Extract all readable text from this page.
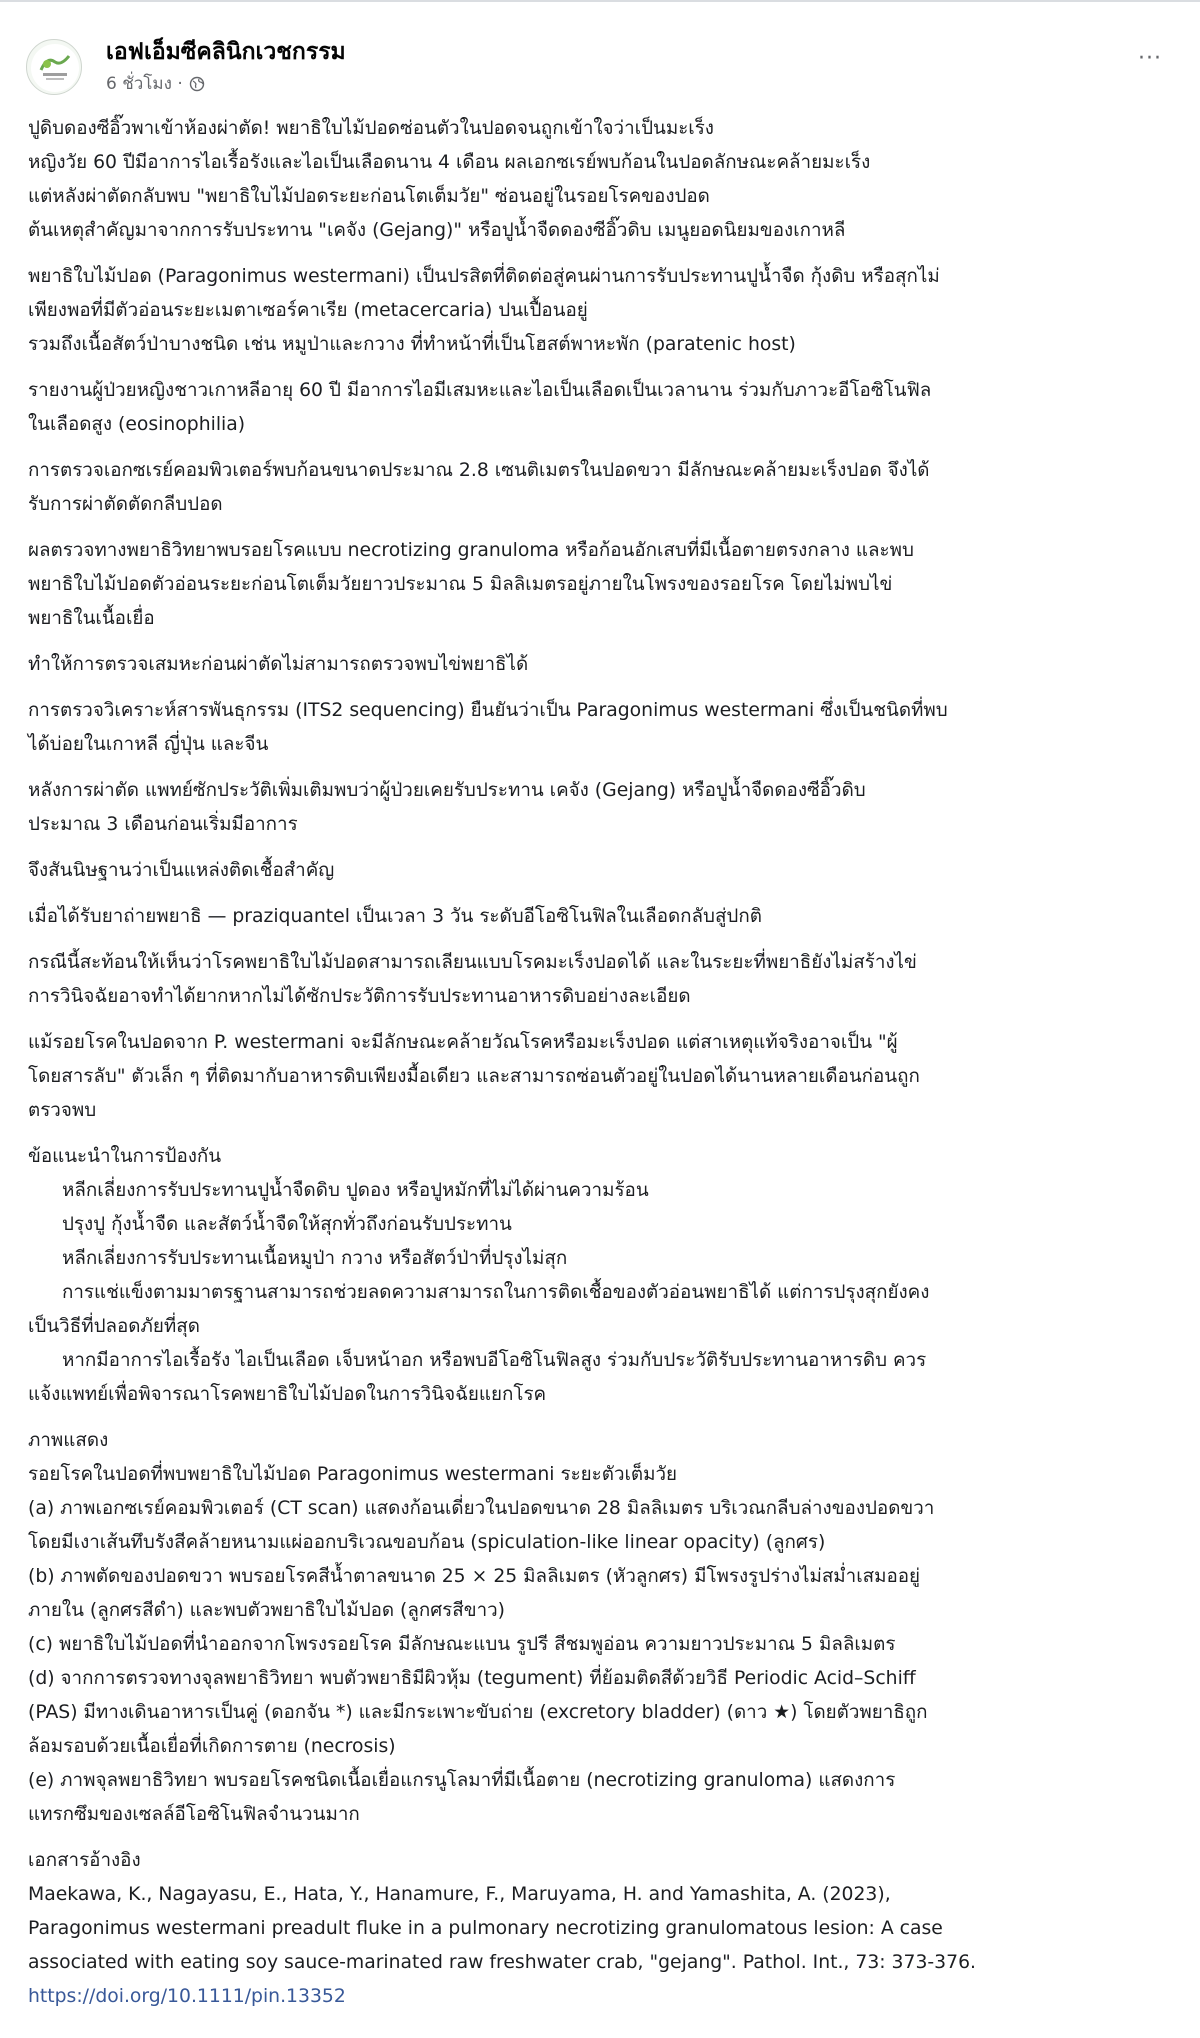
เอฟเอ็มซีคลินิกเวชกรรม
6 ชั่วโมง ·
···
ปูดิบดองซีอิ๊วพาเข้าห้องผ่าตัด! พยาธิใบไม้ปอดซ่อนตัวในปอดจนถูกเข้าใจว่าเป็นมะเร็ง
หญิงวัย 60 ปีมีอาการไอเรื้อรังและไอเป็นเลือดนาน 4 เดือน ผลเอกซเรย์พบก้อนในปอดลักษณะคล้ายมะเร็ง
แต่หลังผ่าตัดกลับพบ "พยาธิใบไม้ปอดระยะก่อนโตเต็มวัย" ซ่อนอยู่ในรอยโรคของปอด
ต้นเหตุสำคัญมาจากการรับประทาน "เคจัง (Gejang)" หรือปูน้ำจืดดองซีอิ๊วดิบ เมนูยอดนิยมของเกาหลี
พยาธิใบไม้ปอด (Paragonimus westermani) เป็นปรสิตที่ติดต่อสู่คนผ่านการรับประทานปูน้ำจืด กุ้งดิบ หรือสุกไม่
เพียงพอที่มีตัวอ่อนระยะเมตาเซอร์คาเรีย (metacercaria) ปนเปื้อนอยู่
รวมถึงเนื้อสัตว์ป่าบางชนิด เช่น หมูป่าและกวาง ที่ทำหน้าที่เป็นโฮสต์พาหะพัก (paratenic host)
รายงานผู้ป่วยหญิงชาวเกาหลีอายุ 60 ปี มีอาการไอมีเสมหะและไอเป็นเลือดเป็นเวลานาน ร่วมกับภาวะอีโอซิโนฟิล
ในเลือดสูง (eosinophilia)
การตรวจเอกซเรย์คอมพิวเตอร์พบก้อนขนาดประมาณ 2.8 เซนติเมตรในปอดขวา มีลักษณะคล้ายมะเร็งปอด จึงได้
รับการผ่าตัดตัดกลีบปอด
ผลตรวจทางพยาธิวิทยาพบรอยโรคแบบ necrotizing granuloma หรือก้อนอักเสบที่มีเนื้อตายตรงกลาง และพบ
พยาธิใบไม้ปอดตัวอ่อนระยะก่อนโตเต็มวัยยาวประมาณ 5 มิลลิเมตรอยู่ภายในโพรงของรอยโรค โดยไม่พบไข่
พยาธิในเนื้อเยื่อ
ทำให้การตรวจเสมหะก่อนผ่าตัดไม่สามารถตรวจพบไข่พยาธิได้
การตรวจวิเคราะห์สารพันธุกรรม (ITS2 sequencing) ยืนยันว่าเป็น Paragonimus westermani ซึ่งเป็นชนิดที่พบ
ได้บ่อยในเกาหลี ญี่ปุ่น และจีน
หลังการผ่าตัด แพทย์ซักประวัติเพิ่มเติมพบว่าผู้ป่วยเคยรับประทาน เคจัง (Gejang) หรือปูน้ำจืดดองซีอิ๊วดิบ
ประมาณ 3 เดือนก่อนเริ่มมีอาการ
จึงสันนิษฐานว่าเป็นแหล่งติดเชื้อสำคัญ
เมื่อได้รับยาถ่ายพยาธิ — praziquantel เป็นเวลา 3 วัน ระดับอีโอซิโนฟิลในเลือดกลับสู่ปกติ
กรณีนี้สะท้อนให้เห็นว่าโรคพยาธิใบไม้ปอดสามารถเลียนแบบโรคมะเร็งปอดได้ และในระยะที่พยาธิยังไม่สร้างไข่
การวินิจฉัยอาจทำได้ยากหากไม่ได้ซักประวัติการรับประทานอาหารดิบอย่างละเอียด
แม้รอยโรคในปอดจาก P. westermani จะมีลักษณะคล้ายวัณโรคหรือมะเร็งปอด แต่สาเหตุแท้จริงอาจเป็น "ผู้
โดยสารลับ" ตัวเล็ก ๆ ที่ติดมากับอาหารดิบเพียงมื้อเดียว และสามารถซ่อนตัวอยู่ในปอดได้นานหลายเดือนก่อนถูก
ตรวจพบ
ข้อแนะนำในการป้องกัน
หลีกเลี่ยงการรับประทานปูน้ำจืดดิบ ปูดอง หรือปูหมักที่ไม่ได้ผ่านความร้อน
ปรุงปู กุ้งน้ำจืด และสัตว์น้ำจืดให้สุกทั่วถึงก่อนรับประทาน
หลีกเลี่ยงการรับประทานเนื้อหมูป่า กวาง หรือสัตว์ป่าที่ปรุงไม่สุก
การแช่แข็งตามมาตรฐานสามารถช่วยลดความสามารถในการติดเชื้อของตัวอ่อนพยาธิได้ แต่การปรุงสุกยังคง
เป็นวิธีที่ปลอดภัยที่สุด
หากมีอาการไอเรื้อรัง ไอเป็นเลือด เจ็บหน้าอก หรือพบอีโอซิโนฟิลสูง ร่วมกับประวัติรับประทานอาหารดิบ ควร
แจ้งแพทย์เพื่อพิจารณาโรคพยาธิใบไม้ปอดในการวินิจฉัยแยกโรค
ภาพแสดง
รอยโรคในปอดที่พบพยาธิใบไม้ปอด Paragonimus westermani ระยะตัวเต็มวัย
(a) ภาพเอกซเรย์คอมพิวเตอร์ (CT scan) แสดงก้อนเดี่ยวในปอดขนาด 28 มิลลิเมตร บริเวณกลีบล่างของปอดขวา
โดยมีเงาเส้นทึบรังสีคล้ายหนามแผ่ออกบริเวณขอบก้อน (spiculation-like linear opacity) (ลูกศร)
(b) ภาพตัดของปอดขวา พบรอยโรคสีน้ำตาลขนาด 25 × 25 มิลลิเมตร (หัวลูกศร) มีโพรงรูปร่างไม่สม่ำเสมออยู่
ภายใน (ลูกศรสีดำ) และพบตัวพยาธิใบไม้ปอด (ลูกศรสีขาว)
(c) พยาธิใบไม้ปอดที่นำออกจากโพรงรอยโรค มีลักษณะแบน รูปรี สีชมพูอ่อน ความยาวประมาณ 5 มิลลิเมตร
(d) จากการตรวจทางจุลพยาธิวิทยา พบตัวพยาธิมีผิวหุ้ม (tegument) ที่ย้อมติดสีด้วยวิธี Periodic Acid–Schiff
(PAS) มีทางเดินอาหารเป็นคู่ (ดอกจัน *) และมีกระเพาะขับถ่าย (excretory bladder) (ดาว ★) โดยตัวพยาธิถูก
ล้อมรอบด้วยเนื้อเยื่อที่เกิดการตาย (necrosis)
(e) ภาพจุลพยาธิวิทยา พบรอยโรคชนิดเนื้อเยื่อแกรนูโลมาที่มีเนื้อตาย (necrotizing granuloma) แสดงการ
แทรกซึมของเซลล์อีโอซิโนฟิลจำนวนมาก
เอกสารอ้างอิง
Maekawa, K., Nagayasu, E., Hata, Y., Hanamure, F., Maruyama, H. and Yamashita, A. (2023),
Paragonimus westermani preadult fluke in a pulmonary necrotizing granulomatous lesion: A case
associated with eating soy sauce-marinated raw freshwater crab, "gejang". Pathol. Int., 73: 373-376.
https://doi.org/10.1111/pin.13352
